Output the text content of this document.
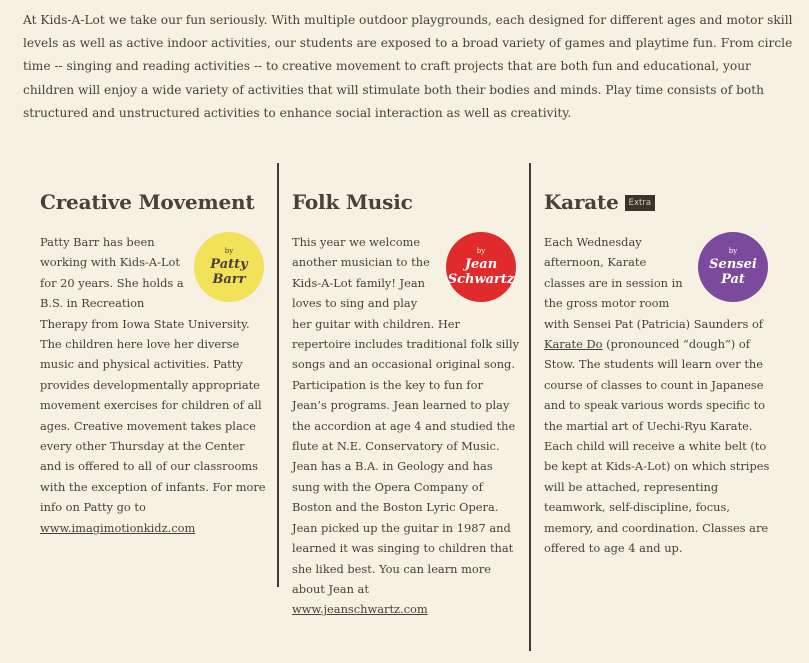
At Kids-A-Lot we take our fun seriously. With multiple outdoor playgrounds, each designed for different ages and motor skill levels as well as active indoor activities, our students are exposed to a broad variety of games and playtime fun. From circle time -- singing and reading activities -- to creative movement to craft projects that are both fun and educational, your children will enjoy a wide variety of activities that will stimulate both their bodies and minds. Play time consists of both structured and unstructured activities to enhance social interaction as well as creativity.
Creative Movement
by
Patty
Barr

Patty Barr has been working with Kids-A-Lot for 20 years. She holds a B.S. in Recreation Therapy from Iowa State University. The children here love her diverse music and physical activities. Patty provides developmentally appropriate movement exercises for children of all ages. Creative movement takes place every other Thursday at the Center and is offered to all of our classrooms with the exception of infants. For more info on Patty go to

www.imagimotionkidz.com

Folk Music
by
Jean
Schwartz

This year we welcome another musician to the Kids-A-Lot family! Jean loves to sing and play her guitar with children. Her repertoire includes traditional folk silly songs and an occasional original song. Participation is the key to fun for Jean’s programs. Jean learned to play the accordion at age 4 and studied the flute at N.E. Conservatory of Music. Jean has a B.A. in Geology and has sung with the Opera Company of Boston and the Boston Lyric Opera. Jean picked up the guitar in 1987 and learned it was singing to children that she liked best. You can learn more about Jean at

www.jeanschwartz.com

Karate Extra
by
Sensei
Pat

Each Wednesday afternoon, Karate classes are in session in the gross motor room with Sensei Pat (Patricia) Saunders of Karate Do (pronounced “dough”) of Stow. The students will learn over the course of classes to count in Japanese and to speak various words specific to the martial art of Uechi-Ryu Karate. Each child will receive a white belt (to be kept at Kids-A-Lot) on which stripes will be attached, representing teamwork, self-discipline, focus, memory, and coordination. Classes are offered to age 4 and up.
